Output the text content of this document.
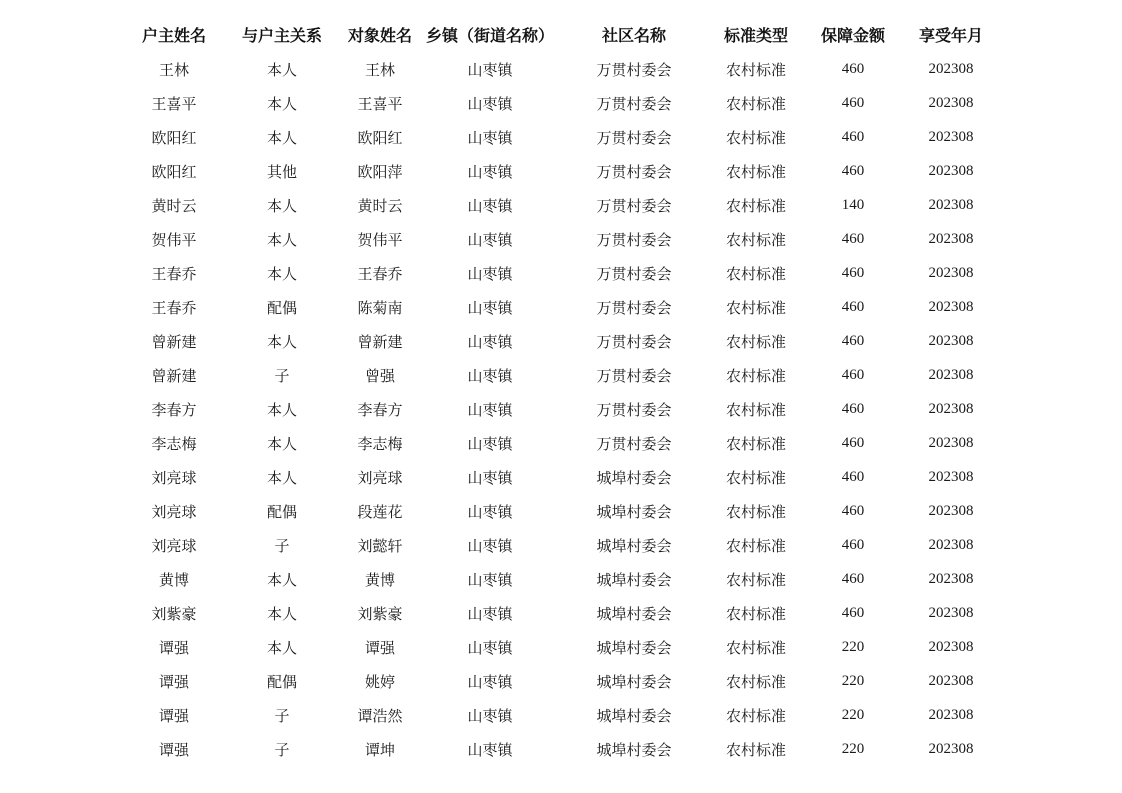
户主姓名	与户主关系	对象姓名	乡镇（街道名称）	社区名称	标准类型	保障金额	享受年月
王林	本人	王林	山枣镇	万贯村委会	农村标准	460	202308
王喜平	本人	王喜平	山枣镇	万贯村委会	农村标准	460	202308
欧阳红	本人	欧阳红	山枣镇	万贯村委会	农村标准	460	202308
欧阳红	其他	欧阳萍	山枣镇	万贯村委会	农村标准	460	202308
黄时云	本人	黄时云	山枣镇	万贯村委会	农村标准	140	202308
贺伟平	本人	贺伟平	山枣镇	万贯村委会	农村标准	460	202308
王春乔	本人	王春乔	山枣镇	万贯村委会	农村标准	460	202308
王春乔	配偶	陈菊南	山枣镇	万贯村委会	农村标准	460	202308
曾新建	本人	曾新建	山枣镇	万贯村委会	农村标准	460	202308
曾新建	子	曾强	山枣镇	万贯村委会	农村标准	460	202308
李春方	本人	李春方	山枣镇	万贯村委会	农村标准	460	202308
李志梅	本人	李志梅	山枣镇	万贯村委会	农村标准	460	202308
刘亮球	本人	刘亮球	山枣镇	城埠村委会	农村标准	460	202308
刘亮球	配偶	段莲花	山枣镇	城埠村委会	农村标准	460	202308
刘亮球	子	刘懿轩	山枣镇	城埠村委会	农村标准	460	202308
黄博	本人	黄博	山枣镇	城埠村委会	农村标准	460	202308
刘紫豪	本人	刘紫豪	山枣镇	城埠村委会	农村标准	460	202308
谭强	本人	谭强	山枣镇	城埠村委会	农村标准	220	202308
谭强	配偶	姚婷	山枣镇	城埠村委会	农村标准	220	202308
谭强	子	谭浩然	山枣镇	城埠村委会	农村标准	220	202308
谭强	子	谭坤	山枣镇	城埠村委会	农村标准	220	202308
